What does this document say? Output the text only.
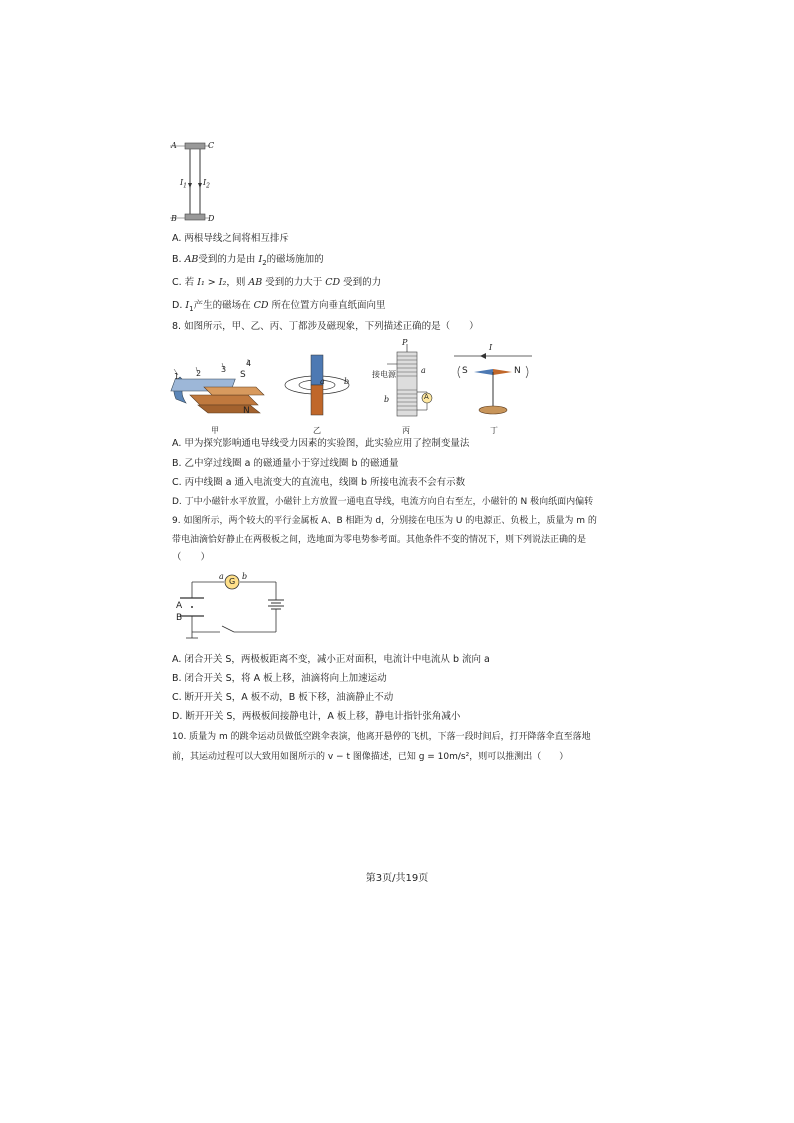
A	C
B	D
$I_1$ $I_2$
A. 两根导线之间将相互排斥
B. AB受到的力是由 $I_2$的磁场施加的
C. 若 I₁ > I₂，则 AB 受到的力大于 CD 受到的力
D. $I_1$产生的磁场在 CD 所在位置方向垂直纸面向里
8. 如图所示，甲、乙、丙、丁都涉及磁现象，下列描述正确的是（　　）
1 2 3
4
S
N
甲
a b
乙
P
接电源	a
b	A
丙
I
S	N
丁
A. 甲为探究影响通电导线受力因素的实验图，此实验应用了控制变量法
B. 乙中穿过线圈 a 的磁通量小于穿过线圈 b 的磁通量
C. 丙中线圈 a 通入电流变大的直流电，线圈 b 所接电流表不会有示数
D. 丁中小磁针水平放置，小磁针上方放置一通电直导线，电流方向自右至左，小磁针的 N 极向纸面内偏转
9. 如图所示，两个较大的平行金属板 A、B 相距为 d，分别接在电压为 U 的电源正、负极上，质量为 m 的
带电油滴恰好静止在两极板之间，选地面为零电势参考面。其他条件不变的情况下，则下列说法正确的是
（　　）
a
G
b
A
B
A. 闭合开关 S，两极板距离不变，减小正对面积，电流计中电流从 b 流向 a
B. 闭合开关 S，将 A 板上移，油滴将向上加速运动
C. 断开开关 S，A 板不动，B 板下移，油滴静止不动
D. 断开开关 S，两极板间接静电计，A 板上移，静电计指针张角减小
10. 质量为 m 的跳伞运动员做低空跳伞表演，他离开悬停的飞机，下落一段时间后，打开降落伞直至落地
前，其运动过程可以大致用如图所示的 v − t 图像描述，已知 g = 10m/s²，则可以推测出（　　）
第3页/共19页
